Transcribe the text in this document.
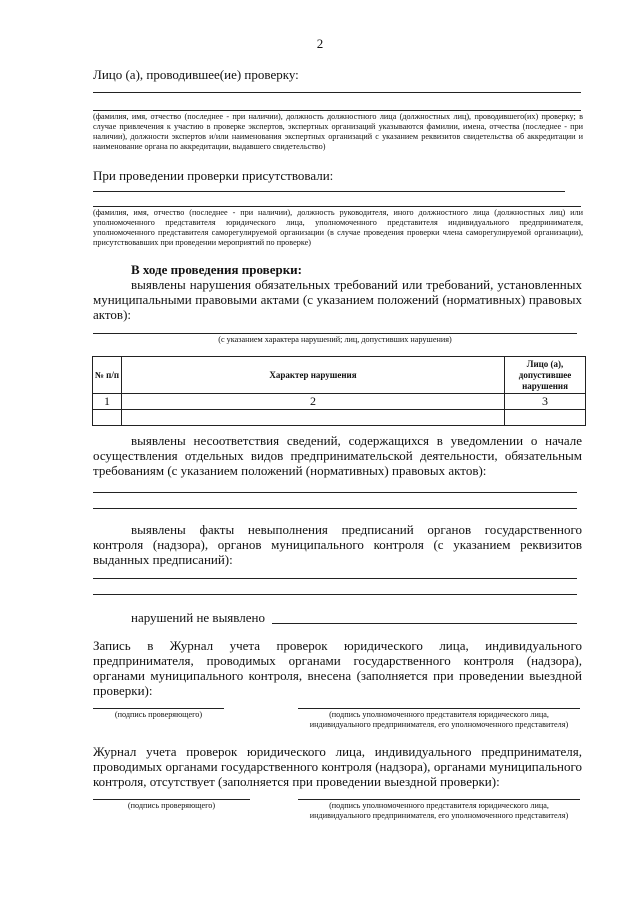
2
Лицо (а), проводившее(ие) проверку:
(фамилия, имя, отчество (последнее - при наличии), должность должностного лица (должностных лиц), проводившего(их) проверку; в случае привлечения к участию в проверке экспертов, экспертных организаций указываются фамилии, имена, отчества (последнее - при наличии), должности экспертов и/или наименования экспертных организаций с указанием реквизитов свидетельства об аккредитации и наименование органа по аккредитации, выдавшего свидетельство)
При проведении проверки присутствовали:
(фамилия, имя, отчество (последнее - при наличии), должность руководителя, иного должностного лица (должностных лиц) или уполномоченного представителя юридического лица, уполномоченного представителя индивидуального предпринимателя, уполномоченного представителя саморегулируемой организации (в случае проведения проверки члена саморегулируемой организации), присутствовавших при проведении мероприятий по проверке)
В ходе проведения проверки:
выявлены нарушения обязательных требований или требований, установленных муниципальными правовыми актами (с указанием положений (нормативных) правовых актов):
(с указанием характера нарушений; лиц, допустивших нарушения)
№ п/п	Характер нарушения	Лицо (а), допустившее нарушения
1	2	3

выявлены несоответствия сведений, содержащихся в уведомлении о начале осуществления отдельных видов предпринимательской деятельности, обязательным требованиям (с указанием положений (нормативных) правовых актов):
выявлены факты невыполнения предписаний органов государственного контроля (надзора), органов муниципального контроля (с указанием реквизитов выданных предписаний):
нарушений не выявлено
Запись в Журнал учета проверок юридического лица, индивидуального предпринимателя, проводимых органами государственного контроля (надзора), органами муниципального контроля, внесена (заполняется при проведении выездной проверки):
(подпись проверяющего)	(подпись уполномоченного представителя юридического лица, индивидуального предпринимателя, его уполномоченного представителя)
Журнал учета проверок юридического лица, индивидуального предпринимателя, проводимых органами государственного контроля (надзора), органами муниципального контроля, отсутствует (заполняется при проведении выездной проверки):
(подпись проверяющего)	(подпись уполномоченного представителя юридического лица, индивидуального предпринимателя, его уполномоченного представителя)
